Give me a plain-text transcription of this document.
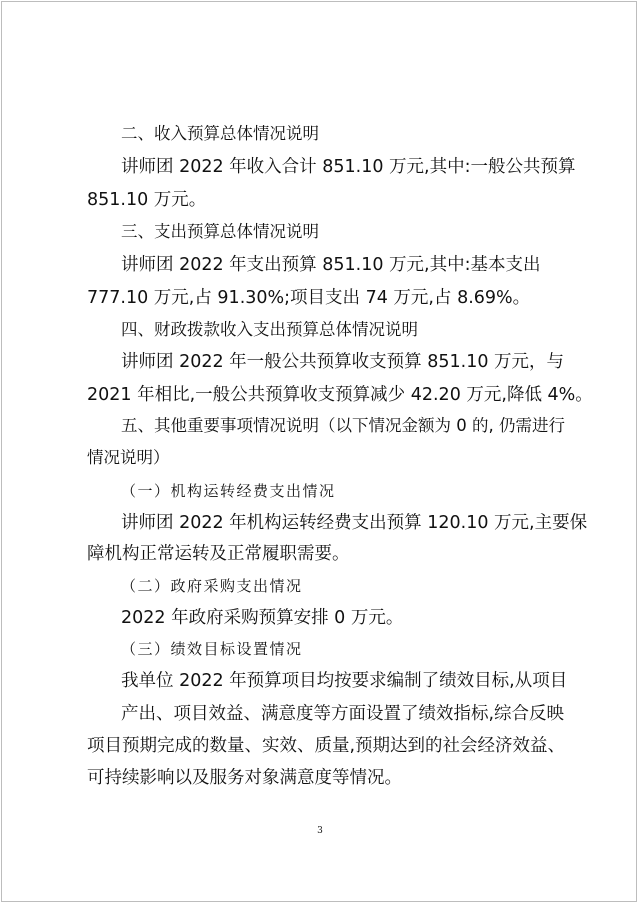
二、收入预算总体情况说明
讲师团 2022 年收入合计 851.10 万元,其中:一般公共预算
851.10 万元。
三、支出预算总体情况说明
讲师团 2022 年支出预算 851.10 万元,其中:基本支出
777.10 万元,占 91.30%;项目支出 74 万元,占 8.69%。
四、财政拨款收入支出预算总体情况说明
讲师团 2022 年一般公共预算收支预算 851.10 万元，与
2021 年相比,一般公共预算收支预算减少 42.20 万元,降低 4%。
五、其他重要事项情况说明（以下情况金额为 0 的, 仍需进行
情况说明）
（一）机构运转经费支出情况
讲师团 2022 年机构运转经费支出预算 120.10 万元,主要保
障机构正常运转及正常履职需要。
（二）政府采购支出情况
2022 年政府采购预算安排 0 万元。
（三）绩效目标设置情况
我单位 2022 年预算项目均按要求编制了绩效目标,从项目
产出、项目效益、满意度等方面设置了绩效指标,综合反映
项目预期完成的数量、实效、质量,预期达到的社会经济效益、
可持续影响以及服务对象满意度等情况。
3
